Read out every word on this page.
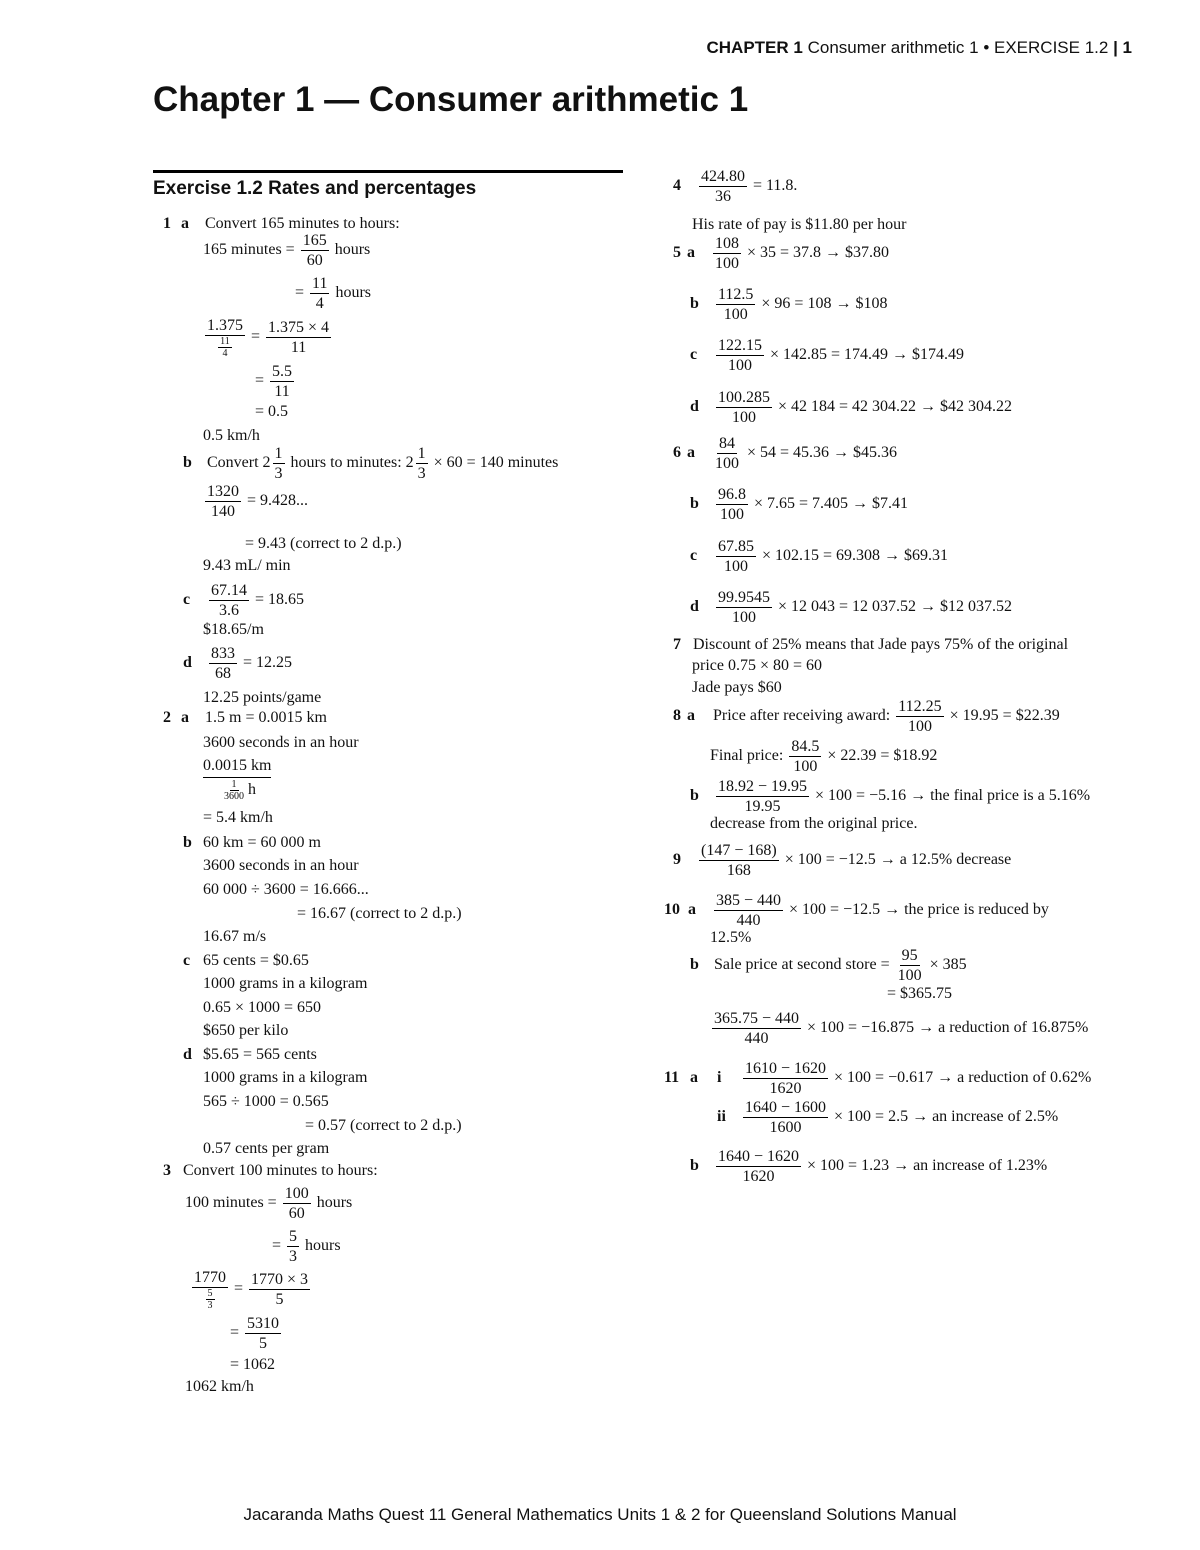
CHAPTER 1 Consumer arithmetic 1 • EXERCISE 1.2 | 1
Chapter 1 — Consumer arithmetic 1
Exercise 1.2 Rates and percentages
1 a Convert 165 minutes to hours:
165 minutes = $\frac{165}{60}$ hours
= $\frac{11}{4}$ hours
$\frac{1.375}{\frac{11}{4}} = \frac{1.375 \times 4}{11}$
= $\frac{5.5}{11}$
= 0.5
0.5 km/h
b Convert $2 \frac{1}{3}$ hours to minutes: $2 \frac{1}{3} \times 60 = 140$ minutes
$\frac{1320}{140} = 9.428$...
= 9.43 (correct to 2 d.p.)
9.43 mL/ min
c $\frac{67.14}{3.6} = 18.65$
$18.65/m
d $\frac{833}{68} = 12.25$
12.25 points/game
2 a 1.5 m = 0.0015 km
3600 seconds in an hour
0.0015 km
$\frac{1}{3600}$ h
= 5.4 km/h
b 60 km = 60 000 m
3600 seconds in an hour
60 000 ÷ 3600 = 16.666...
= 16.67 (correct to 2 d.p.)
16.67 m/s
c 65 cents = $0.65
1000 grams in a kilogram
0.65 × 1000 = 650
$650 per kilo
d $5.65 = 565 cents
1000 grams in a kilogram
565 ÷ 1000 = 0.565
= 0.57 (correct to 2 d.p.)
0.57 cents per gram
3 Convert 100 minutes to hours:
100 minutes = $\frac{100}{60}$ hours
= $\frac{5}{3}$ hours
$\frac{1770}{\frac{5}{3}} = \frac{1770 \times 3}{5}$
= $\frac{5310}{5}$
= 1062
1062 km/h
$4 \frac{424.80}{36} = 11.8$.
His rate of pay is $11.80 per hour
5 a $\frac{108}{100} \times 35 = 37.8$ → $37.80
b $\frac{112.5}{100} \times 96 = 108$ → $108
c $\frac{122.15}{100} \times 142.85 = 174.49$ → $174.49
d $\frac{100.285}{100} \times 42$ 184 = 42 304.22 → $42 304.22
6 a $\frac{84}{100} \times 54 = 45.36$ → $45.36
b $\frac{96.8}{100} \times 7.65 = 7.405$ → $7.41
c $\frac{67.85}{100} \times 102.15 = 69.308$ → $69.31
d $\frac{99.9545}{100} \times 12$ 043 = 12 037.52 → $12 037.52
7 Discount of 25% means that Jade pays 75% of the original
price 0.75 × 80 = 60
Jade pays $60
8 a Price after receiving award: $\frac{112.25}{100} \times 19.95$ = $22.39
Final price: $\frac{84.5}{100} \times 22.39$ = $18.92
b $\frac{18.92 - 19.95}{19.95} \times 100 = -5.16$ → the final price is a 5.16%
decrease from the original price.
$9 \frac{(147 - 168)}{168} \times 100 = -12.5 \to a$ 12.5% decrease
10 a $\frac{385 - 440}{440} \times 100 = -12.5$ → the price is reduced by
12.5%
b Sale price at second store = $\frac{95}{100} \times 385$
= $365.75
$\frac{365.75 - 440}{440} \times 100 = -16.875 \to a$ reduction of 16.875%
11 a i $\frac{1610 - 1620}{1620} \times 100 = -0.617 \to a$ reduction of 0.62%
ii $\frac{1640 - 1600}{1600} \times 100 = 2.5$ → an increase of 2.5%
b $\frac{1640 - 1620}{1620} \times 100 = 1.23$ → an increase of 1.23%
Jacaranda Maths Quest 11 General Mathematics Units 1 & 2 for Queensland Solutions Manual
